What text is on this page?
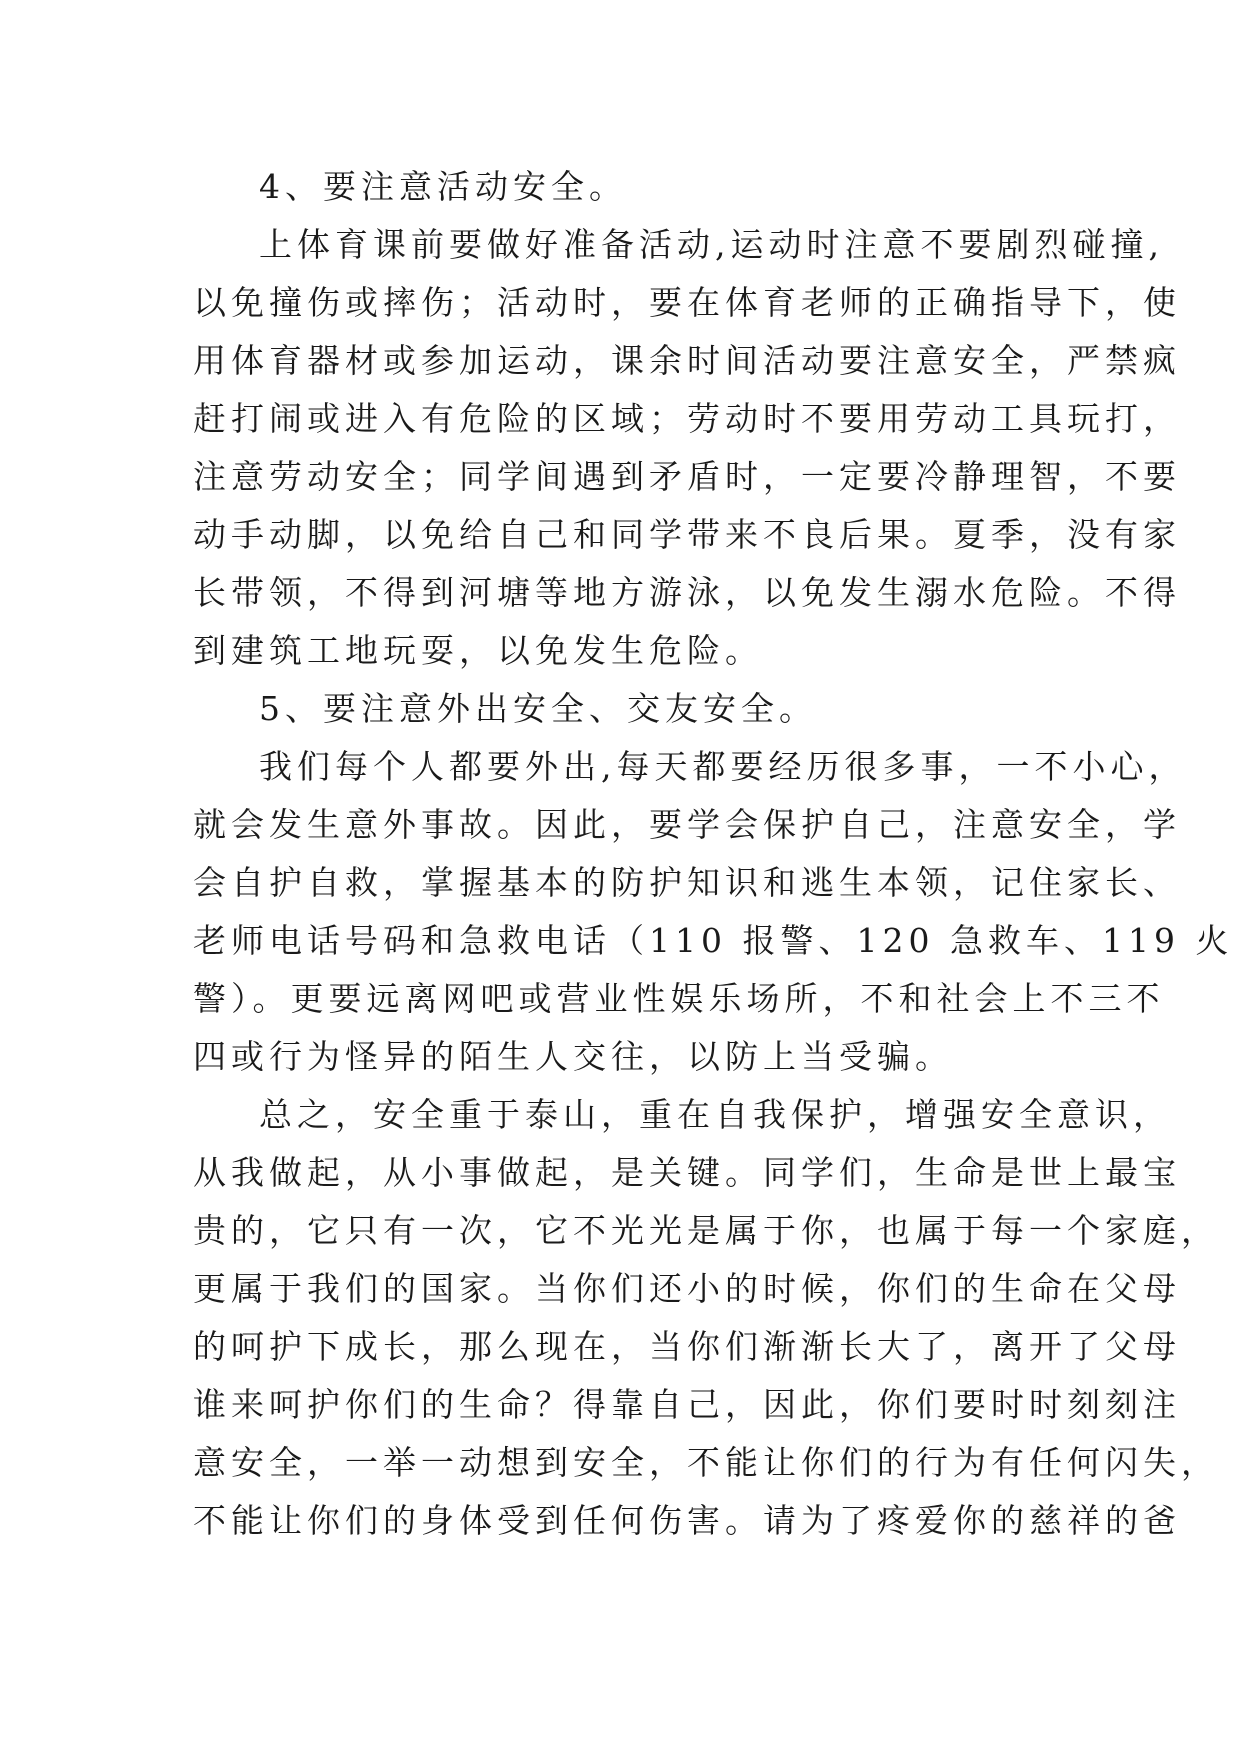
4、要注意活动安全。
上体育课前要做好准备活动,运动时注意不要剧烈碰撞,
以免撞伤或摔伤；活动时，要在体育老师的正确指导下，使
用体育器材或参加运动，课余时间活动要注意安全，严禁疯
赶打闹或进入有危险的区域；劳动时不要用劳动工具玩打，
注意劳动安全；同学间遇到矛盾时，一定要冷静理智，不要
动手动脚，以免给自己和同学带来不良后果。夏季，没有家
长带领，不得到河塘等地方游泳，以免发生溺水危险。不得
到建筑工地玩耍，以免发生危险。
5、要注意外出安全、交友安全。
我们每个人都要外出,每天都要经历很多事，一不小心，
就会发生意外事故。因此，要学会保护自己，注意安全，学
会自护自救，掌握基本的防护知识和逃生本领，记住家长、
老师电话号码和急救电话（110 报警、120 急救车、119 火
警）。更要远离网吧或营业性娱乐场所，不和社会上不三不
四或行为怪异的陌生人交往，以防上当受骗。
总之，安全重于泰山，重在自我保护，增强安全意识，
从我做起，从小事做起，是关键。同学们，生命是世上最宝
贵的，它只有一次，它不光光是属于你，也属于每一个家庭，
更属于我们的国家。当你们还小的时候，你们的生命在父母
的呵护下成长，那么现在，当你们渐渐长大了，离开了父母
谁来呵护你们的生命？得靠自己，因此，你们要时时刻刻注
意安全，一举一动想到安全，不能让你们的行为有任何闪失，
不能让你们的身体受到任何伤害。请为了疼爱你的慈祥的爸
